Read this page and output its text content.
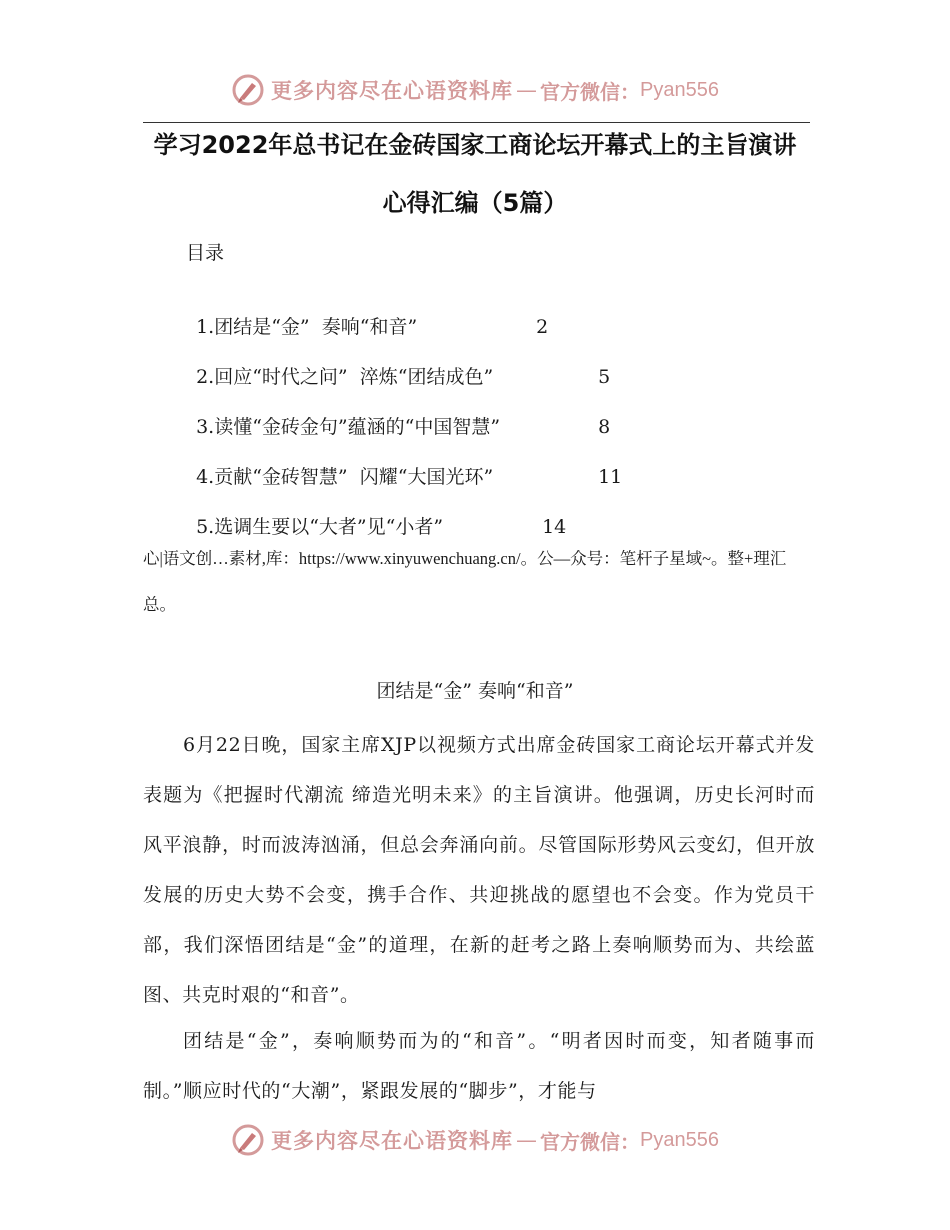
更多内容尽在心语资料库 — 官方微信： Pyan556
学习2022年总书记在金砖国家工商论坛开幕式上的主旨演讲
心得汇编（5篇）
目录

1.团结是“金”  奏响“和音”	2

2.回应“时代之问”  淬炼“团结成色”	5

3.读懂“金砖金句”蕴涵的“中国智慧”	8

4.贡献“金砖智慧”  闪耀“大国光环”	11

5.选调生要以“大者”见“小者”	14

心|语文创…素材,库：https://www.xinyuwenchuang.cn/。公—众号：笔杆子星域~。整+理汇总。
团结是“金” 奏响“和音”

6月22日晚，国家主席XJP以视频方式出席金砖国家工商论坛开幕式并发表题为《把握时代潮流 缔造光明未来》的主旨演讲。他强调，历史长河时而风平浪静，时而波涛汹涌，但总会奔涌向前。尽管国际形势风云变幻，但开放发展的历史大势不会变，携手合作、共迎挑战的愿望也不会变。作为党员干部，我们深悟团结是“金”的道理，在新的赶考之路上奏响顺势而为、共绘蓝图、共克时艰的“和音”。

团结是“金”，奏响顺势而为的“和音”。“明者因时而变，知者随事而制。”顺应时代的“大潮”，紧跟发展的“脚步”，才能与

更多内容尽在心语资料库 — 官方微信： Pyan556
